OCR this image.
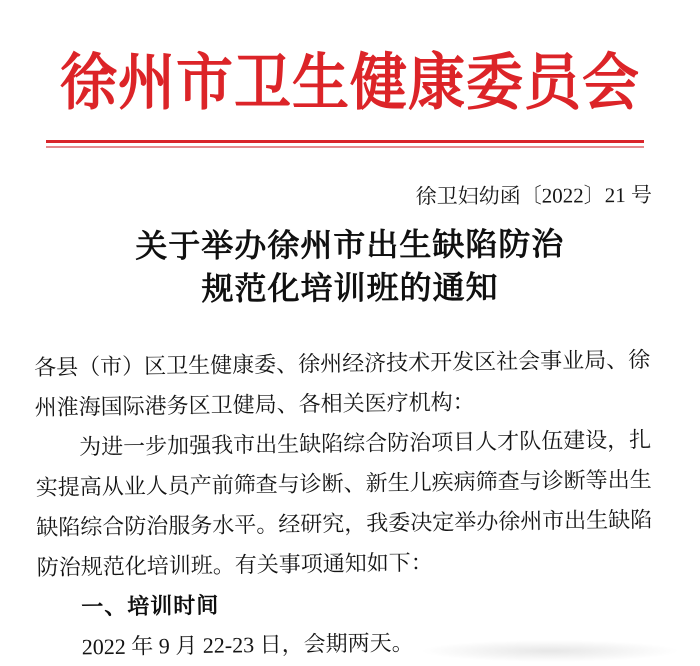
徐州市卫生健康委员会
徐卫妇幼函〔2022〕21 号
关于举办徐州市出生缺陷防治
规范化培训班的通知
各县（市）区卫生健康委、徐州经济技术开发区社会事业局、徐
州淮海国际港务区卫健局、各相关医疗机构：
为进一步加强我市出生缺陷综合防治项目人才队伍建设，扎
实提高从业人员产前筛查与诊断、新生儿疾病筛查与诊断等出生
缺陷综合防治服务水平。经研究，我委决定举办徐州市出生缺陷
防治规范化培训班。有关事项通知如下：
一、培训时间
2022 年 9 月 22-23 日，会期两天。
